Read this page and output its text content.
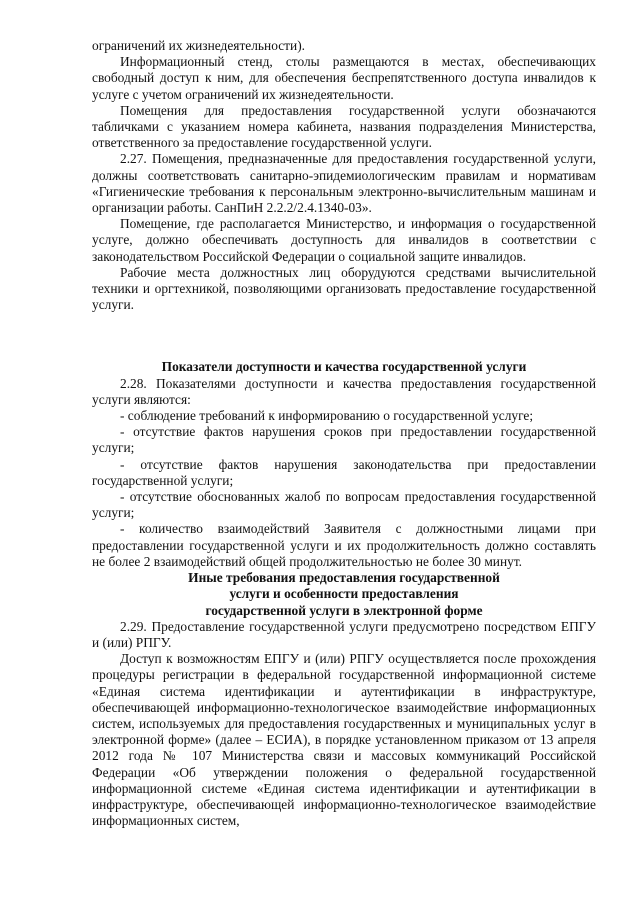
ограничений их жизнедеятельности).

Информационный стенд, столы размещаются в местах, обеспечивающих свободный доступ к ним, для обеспечения беспрепятственного доступа инвалидов к услуге с учетом ограничений их жизнедеятельности.

Помещения для предоставления государственной услуги обозначаются табличками с указанием номера кабинета, названия подразделения Министерства, ответственного за предоставление государственной услуги.

2.27. Помещения, предназначенные для предоставления государственной услуги, должны соответствовать санитарно-эпидемиологическим правилам и нормативам «Гигиенические требования к персональным электронно-вычислительным машинам и организации работы. СанПиН 2.2.2/2.4.1340-03».

Помещение, где располагается Министерство, и информация о государственной услуге, должно обеспечивать доступность для инвалидов в соответствии с законодательством Российской Федерации о социальной защите инвалидов.

Рабочие места должностных лиц оборудуются средствами вычислительной техники и оргтехникой, позволяющими организовать предоставление государственной услуги.

Показатели доступности и качества государственной услуги

2.28. Показателями доступности и качества предоставления государственной услуги являются:

- соблюдение требований к информированию о государственной услуге;

- отсутствие фактов нарушения сроков при предоставлении государственной услуги;

- отсутствие фактов нарушения законодательства при предоставлении государственной услуги;

- отсутствие обоснованных жалоб по вопросам предоставления государственной услуги;

- количество взаимодействий Заявителя с должностными лицами при предоставлении государственной услуги и их продолжительность должно составлять не более 2 взаимодействий общей продолжительностью не более 30 минут.

Иные требования предоставления государственной

услуги и особенности предоставления

государственной услуги в электронной форме

2.29. Предоставление государственной услуги предусмотрено посредством ЕПГУ и (или) РПГУ.

Доступ к возможностям ЕПГУ и (или) РПГУ осуществляется после прохождения процедуры регистрации в федеральной государственной информационной системе «Единая система идентификации и аутентификации в инфраструктуре, обеспечивающей информационно-технологическое взаимодействие информационных систем, используемых для предоставления государственных и муниципальных услуг в электронной форме» (далее – ЕСИА), в порядке установленном приказом от 13 апреля 2012 года № 107 Министерства связи и массовых коммуникаций Российской Федерации «Об утверждении положения о федеральной государственной информационной системе «Единая система идентификации и аутентификации в инфраструктуре, обеспечивающей информационно-технологическое взаимодействие информационных систем,
